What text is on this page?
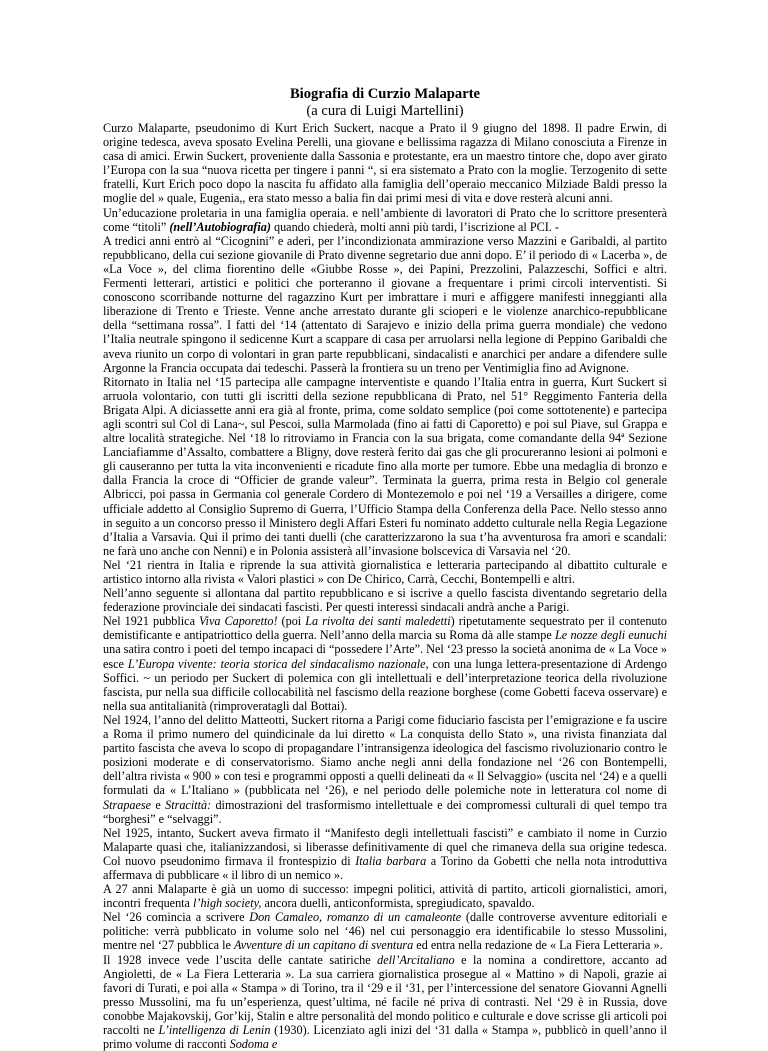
Biografia di Curzio Malaparte
(a cura di Luigi Martellini)

Curzo Malaparte, pseudonimo di Kurt Erich Suckert, nacque a Prato il 9 giugno del 1898. Il padre Erwin, di origine tedesca, aveva sposato Evelina Perelli, una giovane e bellissima ragazza di Milano conosciuta a Firenze in casa di amici. Erwin Suckert, proveniente dalla Sassonia e protestante, era un maestro tintore che, dopo aver girato l’Europa con la sua “nuova ricetta per tingere i panni “, si era sistemato a Prato con la moglie. Terzogenito di sette fratelli, Kurt Erich poco dopo la nascita fu affidato alla famiglia dell’operaio meccanico Milziade Baldi presso la moglie del » quale, Eugenia,, era stato messo a balia fin dai primi mesi di vita e dove resterà alcuni anni.

Un’educazione proletaria in una famiglia operaia. e nell’ambiente di lavoratori di Prato che lo scrittore presenterà come “titoli” (nell’Autobiografia) quando chiederà, molti anni più tardi, l’iscrizione al PCI. -

A tredici anni entrò al “Cicognini” e aderì, per l’incondizionata ammirazione verso Mazzini e Garibaldi, al partito repubblicano, della cui sezione giovanile di Prato divenne segretario due anni dopo. E’ il periodo di « Lacerba », de «La Voce », del clima fiorentino delle «Giubbe Rosse », dei Papini, Prezzolini, Palazzeschi, Soffici e altri. Fermenti letterari, artistici e politici che porteranno il giovane a frequentare i primi circoli interventisti. Si conoscono scorribande notturne del ragazzino Kurt per imbrattare i muri e affiggere manifesti inneggianti alla liberazione di Trento e Trieste. Venne anche arrestato durante gli scioperi e le violenze anarchico-repubblicane della “settimana rossa”. I fatti del ‘14 (attentato di Sarajevo e inizio della prima guerra mondiale) che vedono l’Italia neutrale spingono il sedicenne Kurt a scappare di casa per arruolarsi nella legione di Peppino Garibaldi che aveva riunito un corpo di volontari in gran parte repubblicani, sindacalisti e anarchici per andare a difendere sulle Argonne la Francia occupata dai tedeschi. Passerà la frontiera su un treno per Ventimiglia fino ad Avignone.

Ritornato in Italia nel ‘15 partecipa alle campagne interventiste e quando l’Italia entra in guerra, Kurt Suckert si arruola volontario, con tutti gli iscritti della sezione repubblicana di Prato, nel 51° Reggimento Fanteria della Brigata Alpi. A diciassette anni era già al fronte, prima, come soldato semplice (poi come sottotenente) e partecipa agli scontri sul Col di Lana~, sul Pescoi, sulla Marmolada (fino ai fatti di Caporetto) e poi sul Piave, sul Grappa e altre località strategiche. Nel ‘18 lo ritroviamo in Francia con la sua brigata, come comandante della 94ª Sezione Lanciafiamme d’Assalto, combattere a Bligny, dove resterà ferito dai gas che gli procureranno lesioni ai polmoni e gli causeranno per tutta la vita inconvenienti e ricadute fino alla morte per tumore. Ebbe una medaglia di bronzo e dalla Francia la croce di “Officier de grande valeur”. Terminata la guerra, prima resta in Belgio col generale Albricci, poi passa in Germania col generale Cordero di Montezemolo e poi nel ‘19 a Versailles a dirigere, come ufficiale addetto al Consiglio Supremo di Guerra, l’Ufficio Stampa della Conferenza della Pace. Nello stesso anno in seguito a un concorso presso il Ministero degli Affari Esteri fu nominato addetto culturale nella Regia Legazione d’Italia a Varsavia. Qui il primo dei tanti duelli (che caratterizzarono la sua t’ha avventurosa fra amori e scandali: ne farà uno anche con Nenni) e in Polonia assisterà all’invasione bolscevica di Varsavia nel ‘20.

Nel ‘21 rientra in Italia e riprende la sua attività giornalistica e letteraria partecipando al dibattito culturale e artistico intorno alla rivista « Valori plastici » con De Chirico, Carrà, Cecchi, Bontempelli e altri.

Nell’anno seguente si allontana dal partito repubblicano e si iscrive a quello fascista diventando segretario della federazione provinciale dei sindacati fascisti. Per questi interessi sindacali andrà anche a Parigi.

Nel 1921 pubblica Viva Caporetto! (poi La rivolta dei santi maledetti) ripetutamente sequestrato per il contenuto demistificante e antipatriottico della guerra. Nell’anno della marcia su Roma dà alle stampe Le nozze degli eunuchi una satira contro i poeti del tempo incapaci di “possedere l’Arte”. Nel ‘23 presso la società anonima de « La Voce » esce L’Europa vivente: teoria storica del sindacalismo nazionale, con una lunga lettera-presentazione di Ardengo Soffici. ~ un periodo per Suckert di polemica con gli intellettuali e dell’interpretazione teorica della rivoluzione fascista, pur nella sua difficile collocabilità nel fascismo della reazione borghese (come Gobetti faceva osservare) e nella sua antitalianità (rimproveratagli dal Bottai).

Nel 1924, l’anno del delitto Matteotti, Suckert ritorna a Parigi come fiduciario fascista per l’emigrazione e fa uscire a Roma il primo numero del quindicinale da lui diretto « La conquista dello Stato », una rivista finanziata dal partito fascista che aveva lo scopo di propagandare l’intransigenza ideologica del fascismo rivoluzionario contro le posizioni moderate e di conservatorismo. Siamo anche negli anni della fondazione nel ‘26 con Bontempelli, dell’altra rivista « 900 » con tesi e programmi opposti a quelli delineati da « Il Selvaggio» (uscita nel ‘24) e a quelli formulati da « L’Italiano » (pubblicata nel ‘26), e nel periodo delle polemiche note in letteratura col nome di Strapaese e Stracittà: dimostrazioni del trasformismo intellettuale e dei compromessi culturali di quel tempo tra “borghesi” e “selvaggi”.

Nel 1925, intanto, Suckert aveva firmato il “Manifesto degli intellettuali fascisti” e cambiato il nome in Curzio Malaparte quasi che, italianizzandosi, si liberasse definitivamente di quel che rimaneva della sua origine tedesca. Col nuovo pseudonimo firmava il frontespizio di Italia barbara a Torino da Gobetti che nella nota introduttiva affermava di pubblicare « il libro di un nemico ».

A 27 anni Malaparte è già un uomo di successo: impegni politici, attività di partito, articoli giornalistici, amori, incontri frequenta l’high society, ancora duelli, anticonformista, spregiudicato, spavaldo.

Nel ‘26 comincia a scrivere Don Camaleo, romanzo di un camaleonte (dalle controverse avventure editoriali e politiche: verrà pubblicato in volume solo nel ‘46) nel cui personaggio era identificabile lo stesso Mussolini, mentre nel ‘27 pubblica le Avventure di un capitano di sventura ed entra nella redazione de « La Fiera Letteraria ».

Il 1928 invece vede l’uscita delle cantate satiriche dell’Arcitaliano e la nomina a condirettore, accanto ad Angioletti, de « La Fiera Letteraria ». La sua carriera giornalistica prosegue al « Mattino » di Napoli, grazie ai favori di Turati, e poi alla « Stampa » di Torino, tra il ‘29 e il ‘31, per l’intercessione del senatore Giovanni Agnelli presso Mussolini, ma fu un’esperienza, quest’ultima, né facile né priva di contrasti. Nel ‘29 è in Russia, dove conobbe Majakovskij, Gor’kij, Stalin e altre personalità del mondo politico e culturale e dove scrisse gli articoli poi raccolti ne L’intelligenza di Lenin (1930). Licenziato agli inizi del ‘31 dalla « Stampa », pubblicò in quell’anno il primo volume di racconti Sodoma e
